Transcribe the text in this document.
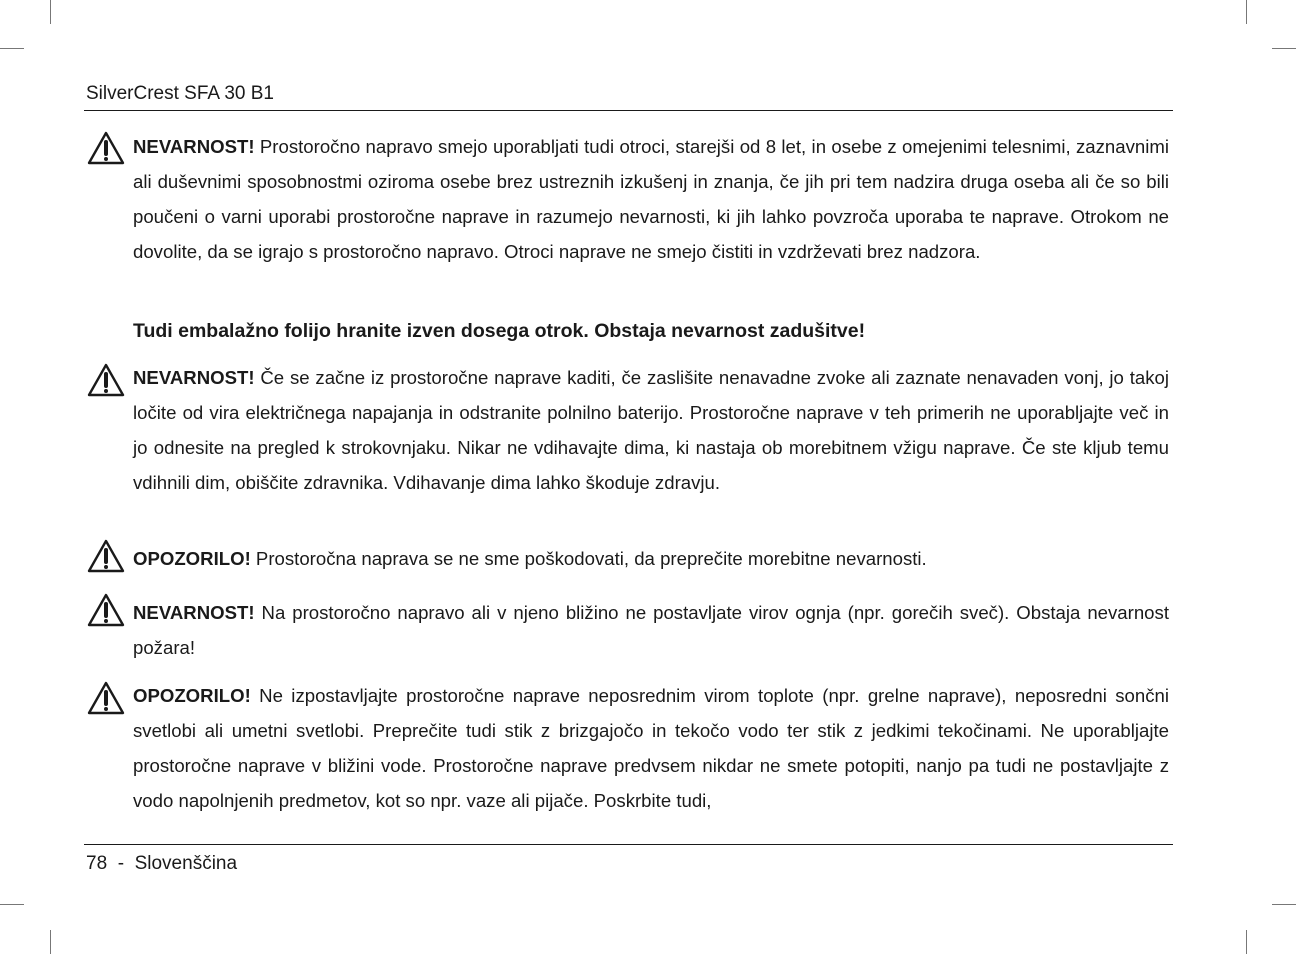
SilverCrest SFA 30 B1
NEVARNOST! Prostoročno napravo smejo uporabljati tudi otroci, starejši od 8 let, in osebe z omejenimi telesnimi, zaznavnimi ali duševnimi sposobnostmi oziroma osebe brez ustreznih izkušenj in znanja, če jih pri tem nadzira druga oseba ali če so bili poučeni o varni uporabi prostoročne naprave in razumejo nevarnosti, ki jih lahko povzroča uporaba te naprave. Otrokom ne dovolite, da se igrajo s prostoročno napravo. Otroci naprave ne smejo čistiti in vzdrževati brez nadzora.
Tudi embalažno folijo hranite izven dosega otrok. Obstaja nevarnost zadušitve!
NEVARNOST! Če se začne iz prostoročne naprave kaditi, če zaslišite nenavadne zvoke ali zaznate nenavaden vonj, jo takoj ločite od vira električnega napajanja in odstranite polnilno baterijo. Prostoročne naprave v teh primerih ne uporabljajte več in jo odnesite na pregled k strokovnjaku. Nikar ne vdihavajte dima, ki nastaja ob morebitnem vžigu naprave. Če ste kljub temu vdihnili dim, obiščite zdravnika. Vdihavanje dima lahko škoduje zdravju.
OPOZORILO! Prostoročna naprava se ne sme poškodovati, da preprečite morebitne nevarnosti.
NEVARNOST! Na prostoročno napravo ali v njeno bližino ne postavljate virov ognja (npr. gorečih sveč). Obstaja nevarnost požara!
OPOZORILO! Ne izpostavljajte prostoročne naprave neposrednim virom toplote (npr. grelne naprave), neposredni sončni svetlobi ali umetni svetlobi. Preprečite tudi stik z brizgajočo in tekočo vodo ter stik z jedkimi tekočinami. Ne uporabljajte prostoročne naprave v bližini vode. Prostoročne naprave predvsem nikdar ne smete potopiti, nanjo pa tudi ne postavljajte z vodo napolnjenih predmetov, kot so npr. vaze ali pijače. Poskrbite tudi,
78  -  Slovenščina
